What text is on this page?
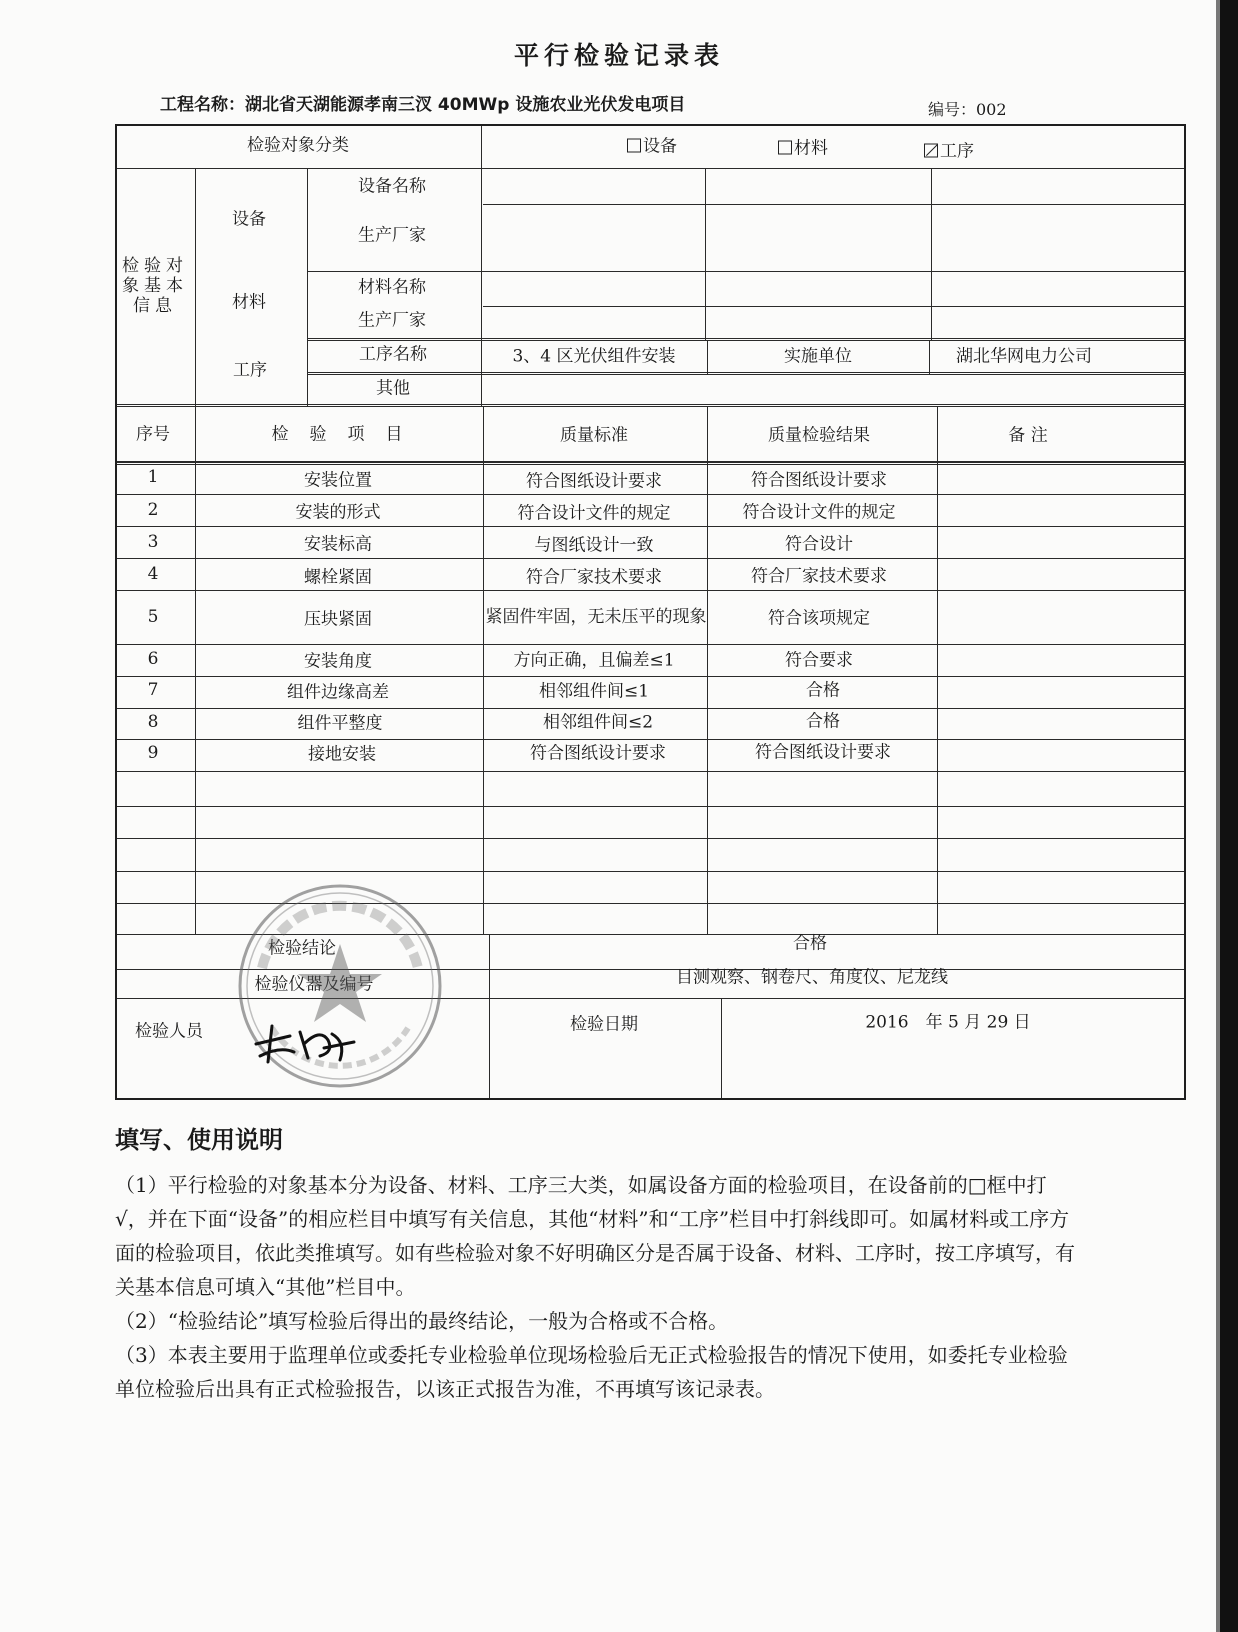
平行检验记录表
工程名称：湖北省天湖能源孝南三汊 40MWp 设施农业光伏发电项目	编号：002
检验对象分类	设备	材料	工序
检验对象基本信息
设备
设备名称
生产厂家
材料
材料名称
生产厂家
工序
工序名称	3、4 区光伏组件安装	实施单位	湖北华网电力公司
其他
序号	检　验　项　目	质量标准	质量检验结果	备 注
1	安装位置	符合图纸设计要求	符合图纸设计要求
2	安装的形式	符合设计文件的规定	符合设计文件的规定
3	安装标高	与图纸设计一致	符合设计
4	螺栓紧固	符合厂家技术要求	符合厂家技术要求
5	压块紧固	紧固件牢固，无未压平的现象	符合该项规定
6	安装角度	方向正确，且偏差≤1	符合要求
7	组件边缘高差	相邻组件间≤1	合格
8	组件平整度	相邻组件间≤2	合格
9	接地安装	符合图纸设计要求	符合图纸设计要求
检验结论	合格
检验仪器及编号	目测观察、钢卷尺、角度仪、尼龙线
检验人员	检验日期	2016　年 5 月 29 日
填写、使用说明

（1）平行检验的对象基本分为设备、材料、工序三大类，如属设备方面的检验项目，在设备前的□框中打√，并在下面“设备”的相应栏目中填写有关信息，其他“材料”和“工序”栏目中打斜线即可。如属材料或工序方面的检验项目，依此类推填写。如有些检验对象不好明确区分是否属于设备、材料、工序时，按工序填写，有关基本信息可填入“其他”栏目中。

（2）“检验结论”填写检验后得出的最终结论，一般为合格或不合格。

（3）本表主要用于监理单位或委托专业检验单位现场检验后无正式检验报告的情况下使用，如委托专业检验单位检验后出具有正式检验报告，以该正式报告为准，不再填写该记录表。
